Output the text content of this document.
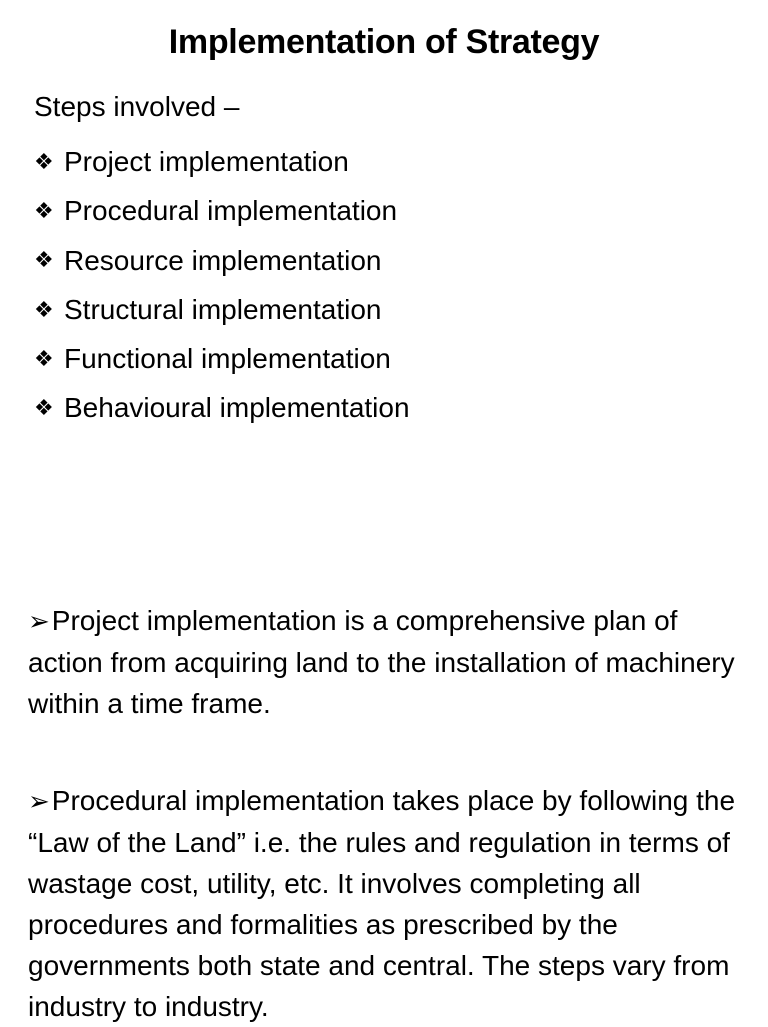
Implementation of Strategy
Steps involved –
❖ Project implementation
❖ Procedural implementation
❖ Resource implementation
❖ Structural implementation
❖ Functional implementation
❖ Behavioural implementation
➢Project implementation is a comprehensive plan of action from acquiring land to the installation of machinery within a time frame.
➢Procedural implementation takes place by following the “Law of the Land” i.e. the rules and regulation in terms of wastage cost, utility, etc. It involves completing all procedures and formalities as prescribed by the governments both state and central. The steps vary from industry to industry.
